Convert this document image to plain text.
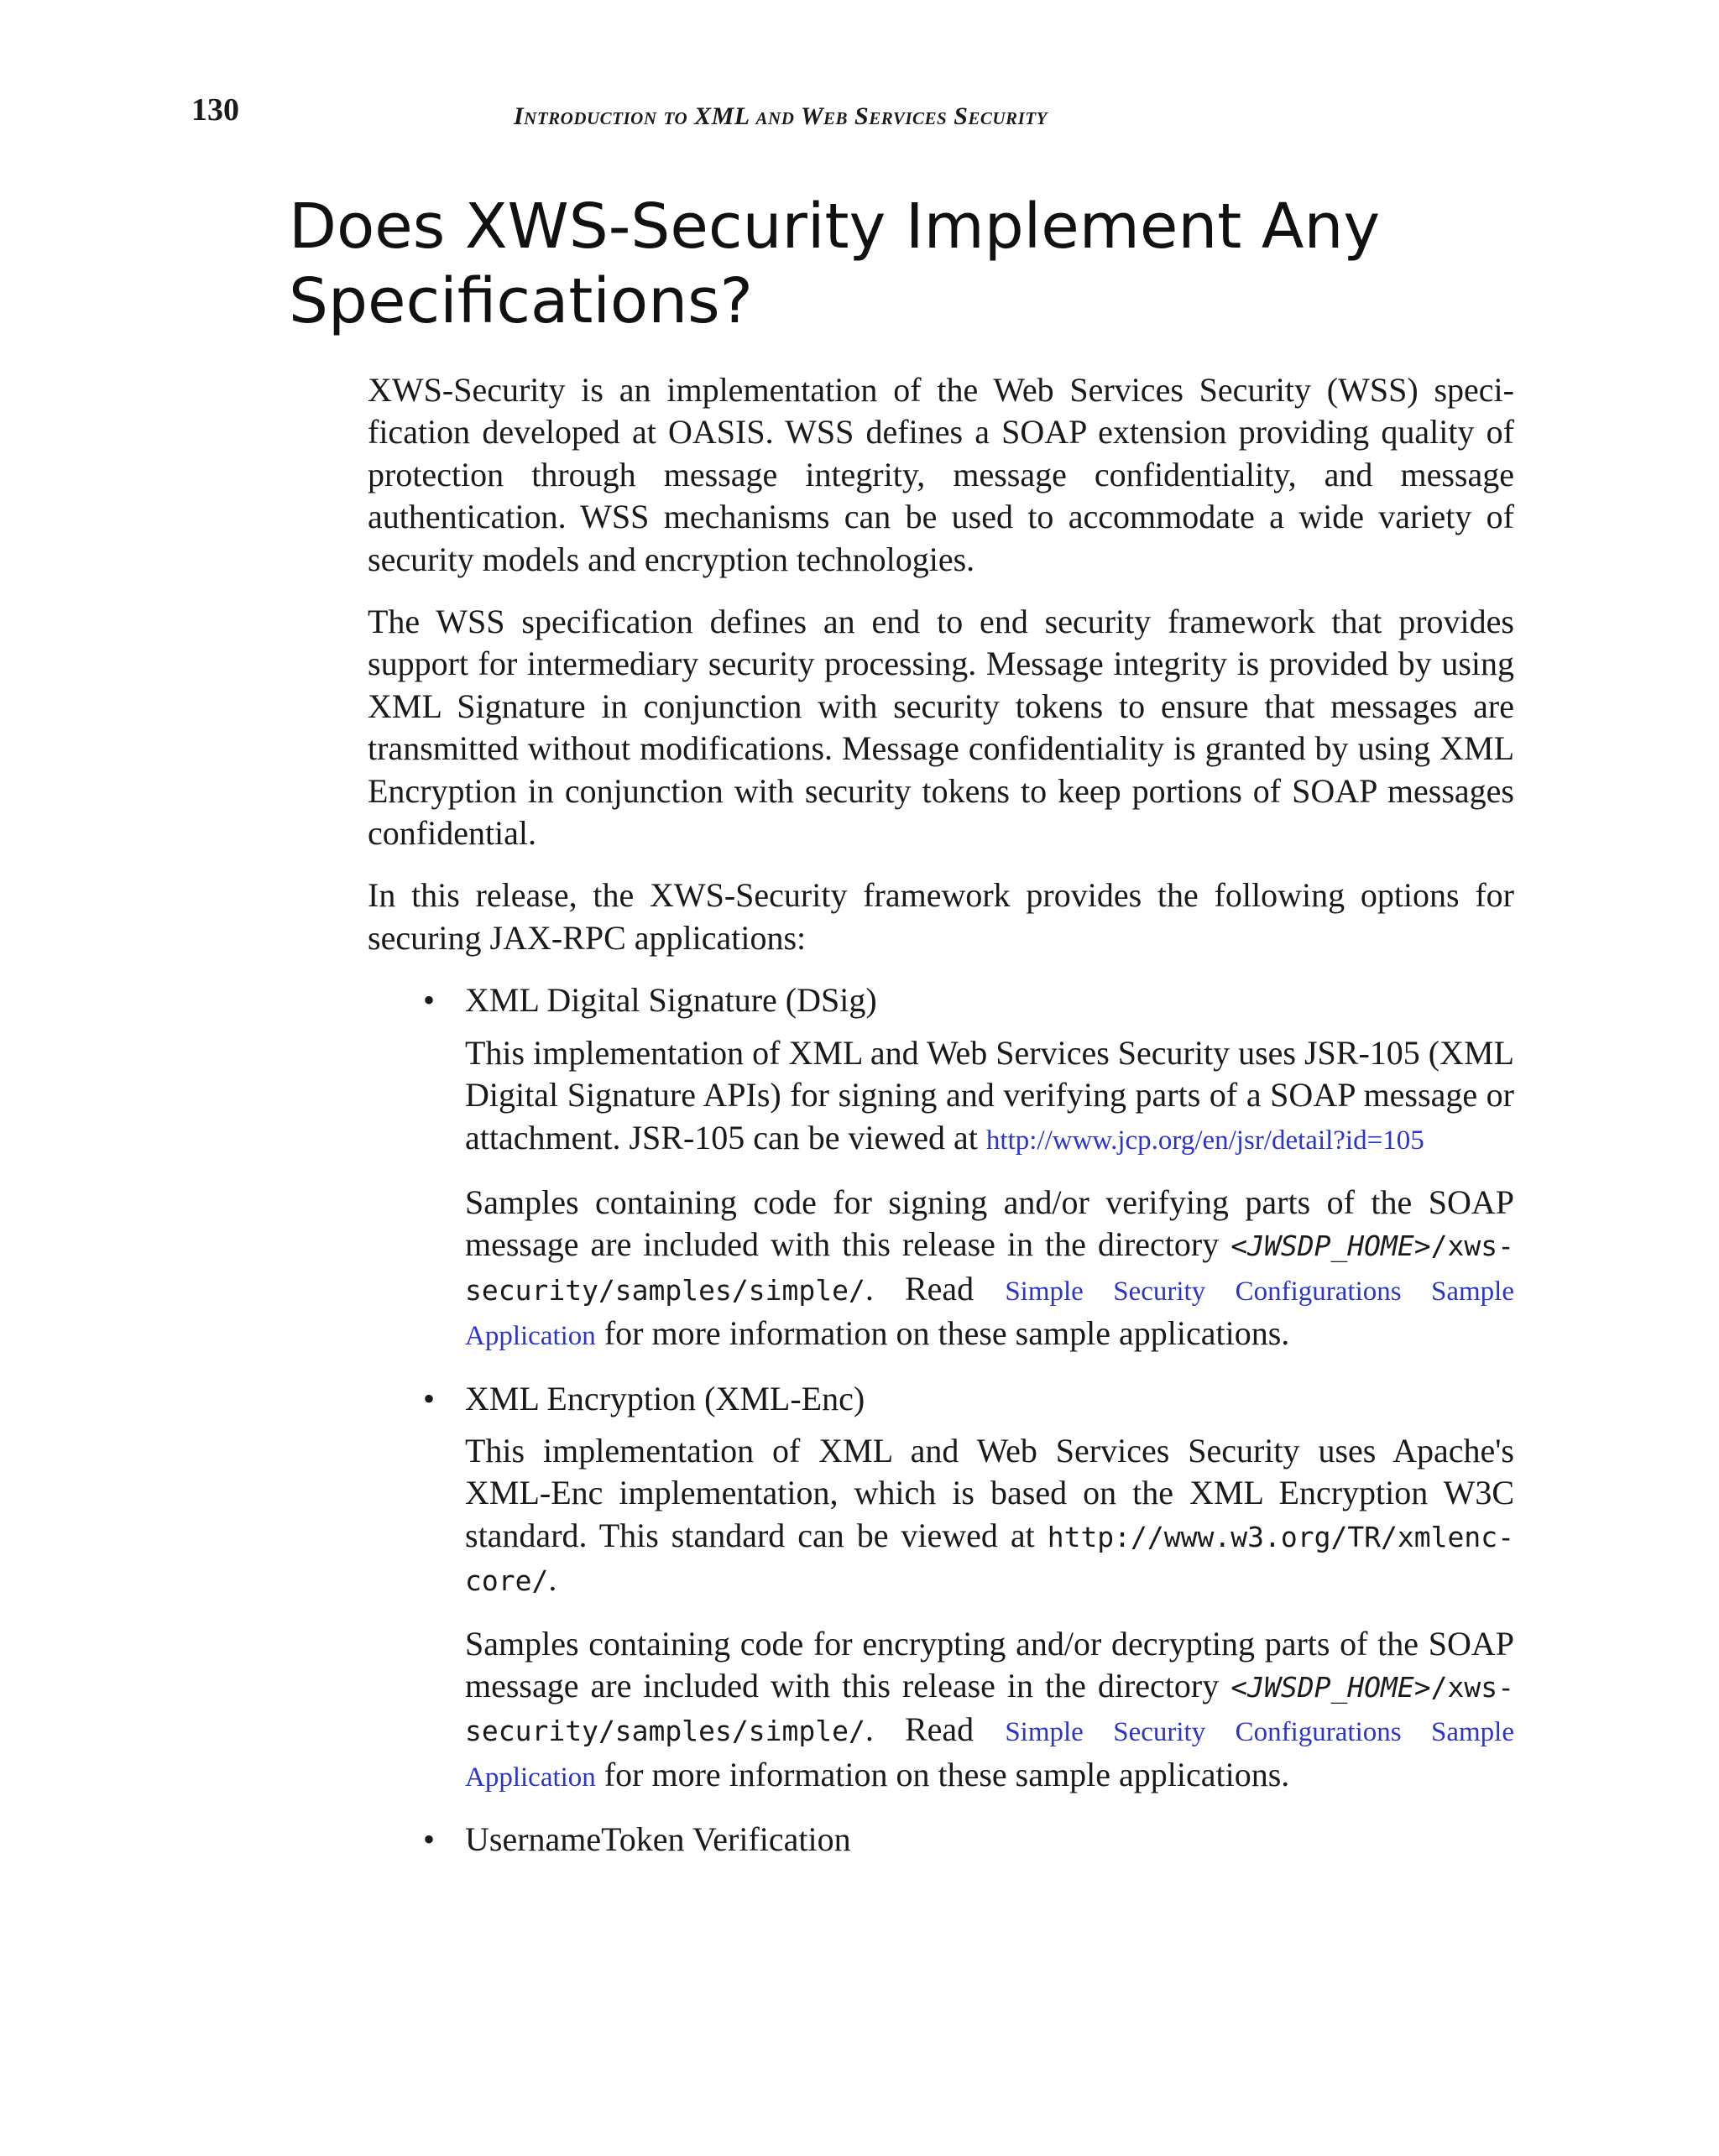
130	Introduction to XML and Web Services Security
Does XWS-Security Implement Any Specifications?

XWS-Security is an implementation of the Web Services Security (WSS) specification developed at OASIS. WSS defines a SOAP extension providing quality of protection through message integrity, message confidentiality, and message authentication. WSS mechanisms can be used to accommodate a wide variety of security models and encryption technologies.

The WSS specification defines an end to end security framework that provides support for intermediary security processing. Message integrity is provided by using XML Signature in conjunction with security tokens to ensure that messages are transmitted without modifications. Message confidentiality is granted by using XML Encryption in conjunction with security tokens to keep portions of SOAP messages confidential.

In this release, the XWS-Security framework provides the following options for securing JAX-RPC applications:

• XML Digital Signature (DSig)

This implementation of XML and Web Services Security uses JSR-105 (XML Digital Signature APIs) for signing and verifying parts of a SOAP message or attachment. JSR-105 can be viewed at http://www.jcp.org/en/jsr/detail?id=105

Samples containing code for signing and/or verifying parts of the SOAP message are included with this release in the directory <JWSDP_HOME>/xws-security/samples/simple/. Read Simple Security Configurations Sample Application for more information on these sample applications.

• XML Encryption (XML-Enc)

This implementation of XML and Web Services Security uses Apache's XML-Enc implementation, which is based on the XML Encryption W3C standard. This standard can be viewed at http://www.w3.org/TR/xmlenc-core/.

Samples containing code for encrypting and/or decrypting parts of the SOAP message are included with this release in the directory <JWSDP_HOME>/xws-security/samples/simple/. Read Simple Security Configurations Sample Application for more information on these sample applications.

• UsernameToken Verification
